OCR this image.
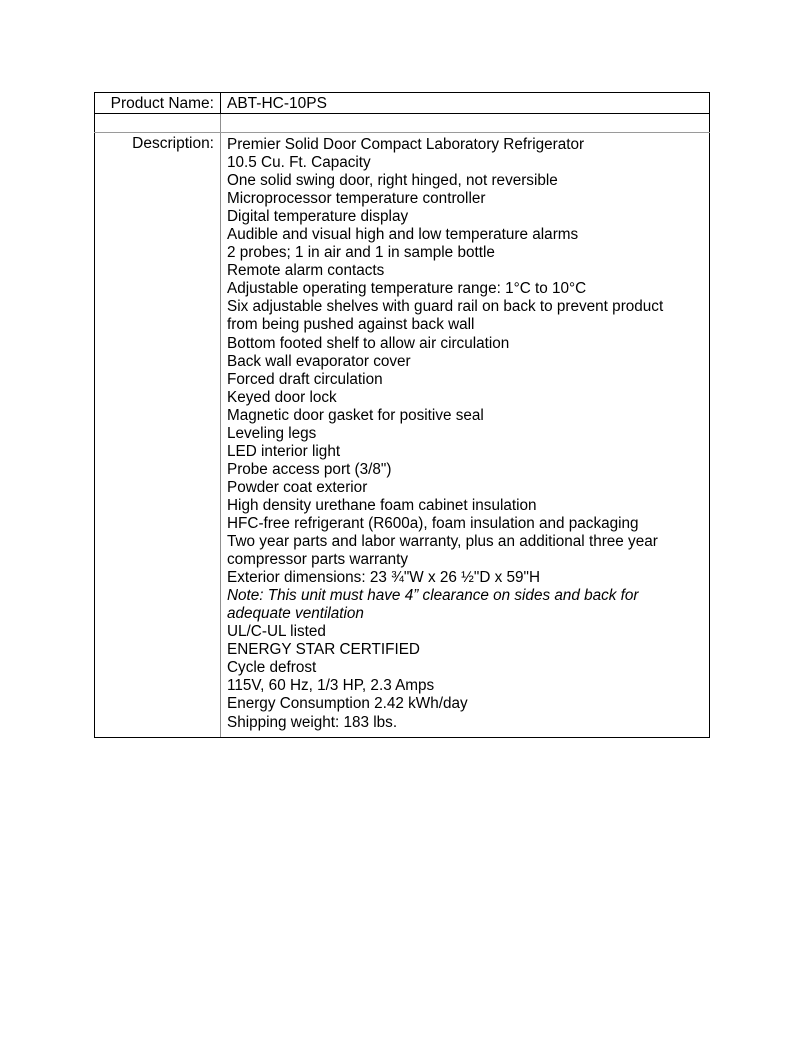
Product Name:	ABT-HC-10PS

Description:	Premier Solid Door Compact Laboratory Refrigerator
10.5 Cu. Ft. Capacity
One solid swing door, right hinged, not reversible
Microprocessor temperature controller
Digital temperature display
Audible and visual high and low temperature alarms
2 probes; 1 in air and 1 in sample bottle
Remote alarm contacts
Adjustable operating temperature range: 1°C to 10°C
Six adjustable shelves with guard rail on back to prevent product
from being pushed against back wall
Bottom footed shelf to allow air circulation
Back wall evaporator cover
Forced draft circulation
Keyed door lock
Magnetic door gasket for positive seal
Leveling legs
LED interior light
Probe access port (3/8")
Powder coat exterior
High density urethane foam cabinet insulation
HFC-free refrigerant (R600a), foam insulation and packaging
Two year parts and labor warranty, plus an additional three year
compressor parts warranty
Exterior dimensions: 23 ¾"W x 26 ½"D x 59"H
Note: This unit must have 4” clearance on sides and back for
adequate ventilation
UL/C-UL listed
ENERGY STAR CERTIFIED
Cycle defrost
115V, 60 Hz, 1/3 HP, 2.3 Amps
Energy Consumption 2.42 kWh/day
Shipping weight: 183 lbs.
